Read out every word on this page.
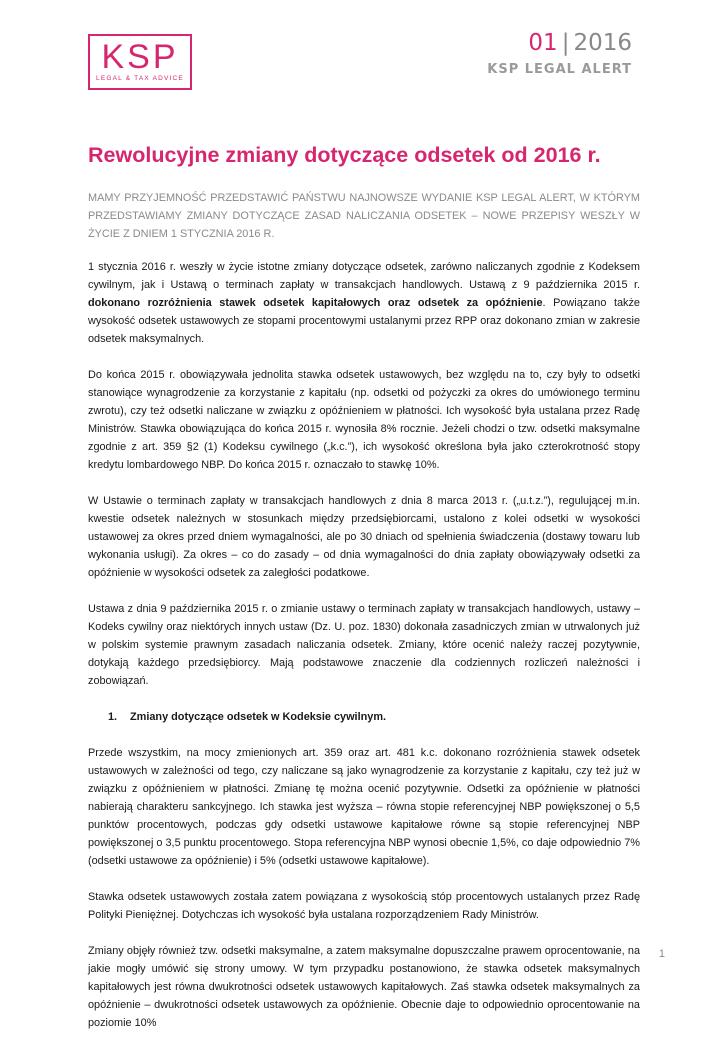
KSP
LEGAL & TAX ADVICE
01 | 2016
KSP LEGAL ALERT
Rewolucyjne zmiany dotyczące odsetek od 2016 r.

MAMY PRZYJEMNOŚĆ PRZEDSTAWIĆ PAŃSTWU NAJNOWSZE WYDANIE KSP LEGAL ALERT, W KTÓRYM PRZEDSTAWIAMY ZMIANY DOTYCZĄCE ZASAD NALICZANIA ODSETEK – NOWE PRZEPISY WESZŁY W ŻYCIE Z DNIEM 1 STYCZNIA 2016 R.

1 stycznia 2016 r. weszły w życie istotne zmiany dotyczące odsetek, zarówno naliczanych zgodnie z Kodeksem cywilnym, jak i Ustawą o terminach zapłaty w transakcjach handlowych. Ustawą z 9 października 2015 r. dokonano rozróżnienia stawek odsetek kapitałowych oraz odsetek za opóźnienie. Powiązano także wysokość odsetek ustawowych ze stopami procentowymi ustalanymi przez RPP oraz dokonano zmian w zakresie odsetek maksymalnych.

Do końca 2015 r. obowiązywała jednolita stawka odsetek ustawowych, bez względu na to, czy były to odsetki stanowiące wynagrodzenie za korzystanie z kapitału (np. odsetki od pożyczki za okres do umówionego terminu zwrotu), czy też odsetki naliczane w związku z opóźnieniem w płatności. Ich wysokość była ustalana przez Radę Ministrów. Stawka obowiązująca do końca 2015 r. wynosiła 8% rocznie. Jeżeli chodzi o tzw. odsetki maksymalne zgodnie z art. 359 §2 (1) Kodeksu cywilnego („k.c.”), ich wysokość określona była jako czterokrotność stopy kredytu lombardowego NBP. Do końca 2015 r. oznaczało to stawkę 10%.

W Ustawie o terminach zapłaty w transakcjach handlowych z dnia 8 marca 2013 r. („u.t.z.”), regulującej m.in. kwestie odsetek należnych w stosunkach między przedsiębiorcami, ustalono z kolei odsetki w wysokości ustawowej za okres przed dniem wymagalności, ale po 30 dniach od spełnienia świadczenia (dostawy towaru lub wykonania usługi). Za okres – co do zasady – od dnia wymagalności do dnia zapłaty obowiązywały odsetki za opóźnienie w wysokości odsetek za zaległości podatkowe.

Ustawa z dnia 9 października 2015 r. o zmianie ustawy o terminach zapłaty w transakcjach handlowych, ustawy – Kodeks cywilny oraz niektórych innych ustaw (Dz. U. poz. 1830) dokonała zasadniczych zmian w utrwalonych już w polskim systemie prawnym zasadach naliczania odsetek. Zmiany, które ocenić należy raczej pozytywnie, dotykają każdego przedsiębiorcy. Mają podstawowe znaczenie dla codziennych rozliczeń należności i zobowiązań.

1. Zmiany dotyczące odsetek w Kodeksie cywilnym.

Przede wszystkim, na mocy zmienionych art. 359 oraz art. 481 k.c. dokonano rozróżnienia stawek odsetek ustawowych w zależności od tego, czy naliczane są jako wynagrodzenie za korzystanie z kapitału, czy też już w związku z opóźnieniem w płatności. Zmianę tę można ocenić pozytywnie. Odsetki za opóźnienie w płatności nabierają charakteru sankcyjnego. Ich stawka jest wyższa – równa stopie referencyjnej NBP powiększonej o 5,5 punktów procentowych, podczas gdy odsetki ustawowe kapitałowe równe są stopie referencyjnej NBP powiększonej o 3,5 punktu procentowego. Stopa referencyjna NBP wynosi obecnie 1,5%, co daje odpowiednio 7% (odsetki ustawowe za opóźnienie) i 5% (odsetki ustawowe kapitałowe).

Stawka odsetek ustawowych została zatem powiązana z wysokością stóp procentowych ustalanych przez Radę Polityki Pieniężnej. Dotychczas ich wysokość była ustalana rozporządzeniem Rady Ministrów.

Zmiany objęły również tzw. odsetki maksymalne, a zatem maksymalne dopuszczalne prawem oprocentowanie, na jakie mogły umówić się strony umowy. W tym przypadku postanowiono, że stawka odsetek maksymalnych kapitałowych jest równa dwukrotności odsetek ustawowych kapitałowych. Zaś stawka odsetek maksymalnych za opóźnienie – dwukrotności odsetek ustawowych za opóźnienie. Obecnie daje to odpowiednio oprocentowanie na poziomie 10%

1
